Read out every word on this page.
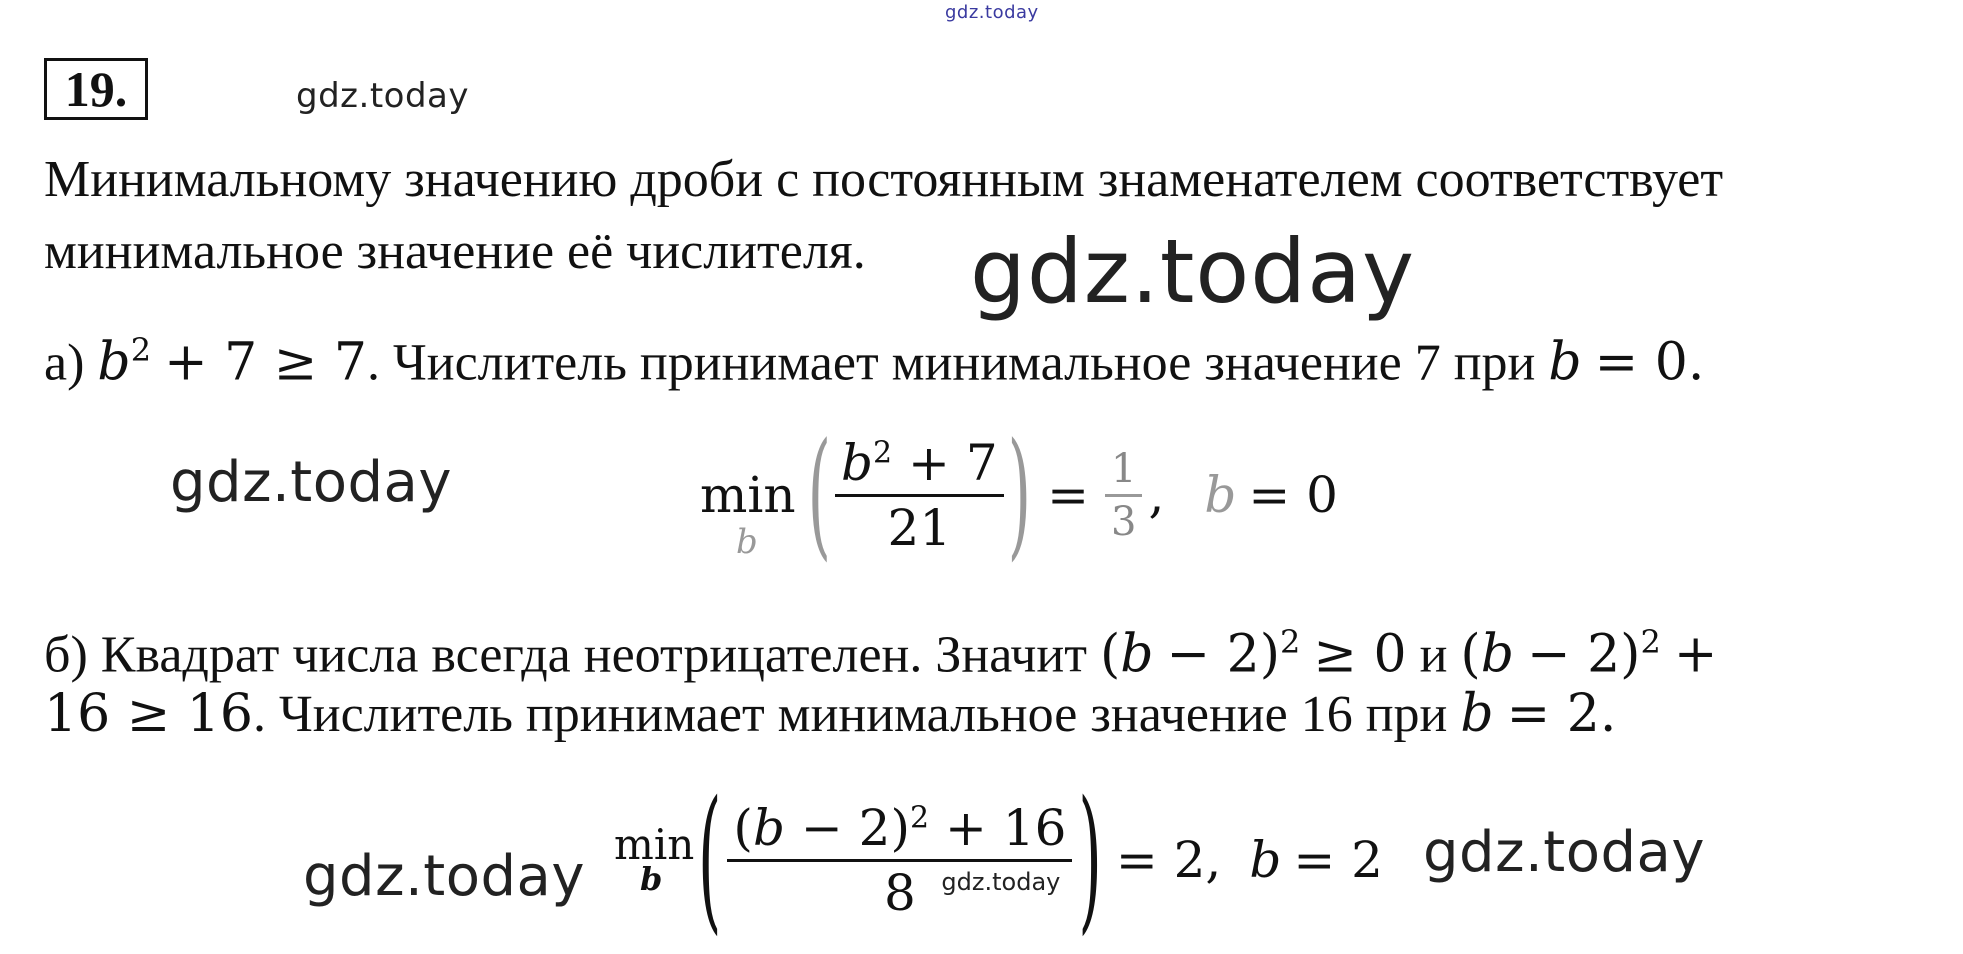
gdz.today
19.	gdz.today
Минимальному значению дроби с постоянным знаменателем соответствует
минимальное значение её числителя. gdz.today
а) $b^2 + 7 \ge 7$. Числитель принимает минимальное значение 7 при b = 0.
gdz.today	min
b ( $\frac{b^2 + 7}{21}$ ) = $\frac{1}{3}$ , b = 0
б) Квадрат числа всегда неотрицателен. Значит $(b - 2)^2 \ge 0$ и $(b - 2)^2$ +
16 ≥ 16. Числитель принимает минимальное значение 16 при b = 2.
gdz.today	gdz.today
min
b ( $\frac{(b - 2)^2 + 16}{\text{8 gdz.today}}$ ) = 2, b = 2
